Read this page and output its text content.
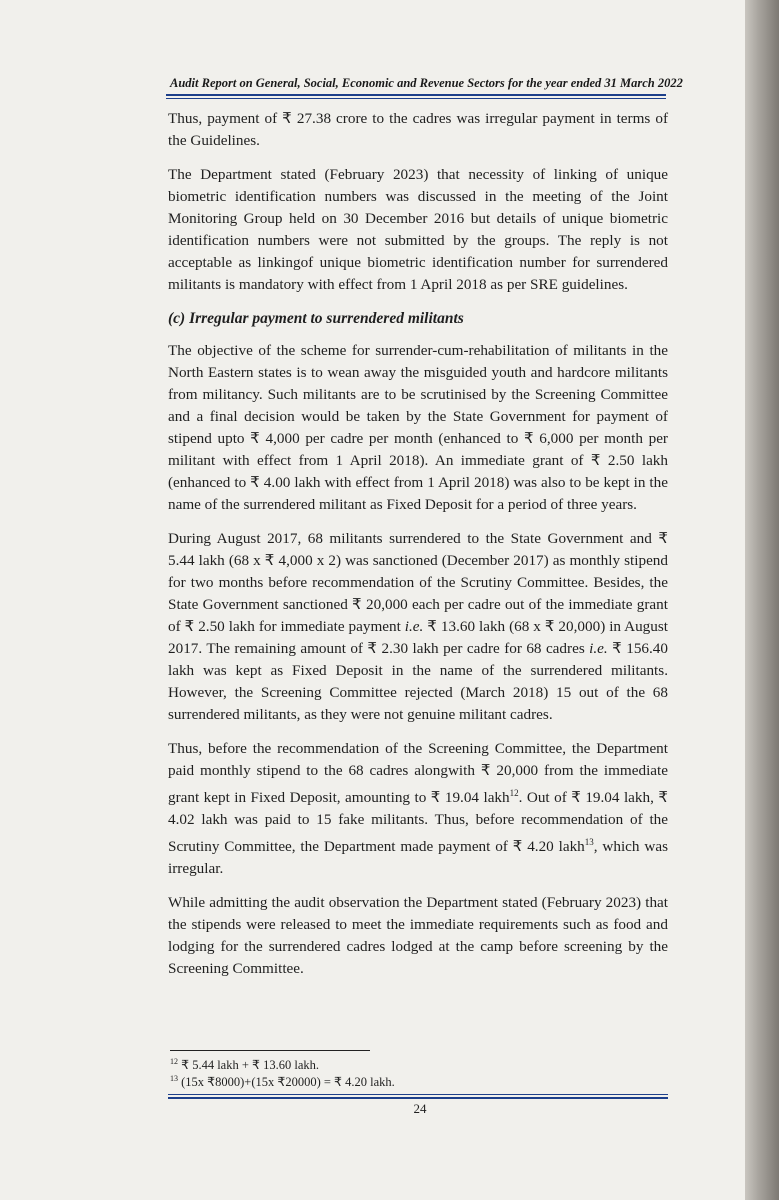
Audit Report on General, Social, Economic and Revenue Sectors for the year ended 31 March 2022

Thus, payment of ₹ 27.38 crore to the cadres was irregular payment in terms of the Guidelines.

The Department stated (February 2023) that necessity of linking of unique biometric identification numbers was discussed in the meeting of the Joint Monitoring Group held on 30 December 2016 but details of unique biometric identification numbers were not submitted by the groups. The reply is not acceptable as linkingof unique biometric identification number for surrendered militants is mandatory with effect from 1 April 2018 as per SRE guidelines.

(c) Irregular payment to surrendered militants

The objective of the scheme for surrender-cum-rehabilitation of militants in the North Eastern states is to wean away the misguided youth and hardcore militants from militancy. Such militants are to be scrutinised by the Screening Committee and a final decision would be taken by the State Government for payment of stipend upto ₹ 4,000 per cadre per month (enhanced to ₹ 6,000 per month per militant with effect from 1 April 2018). An immediate grant of ₹ 2.50 lakh (enhanced to ₹ 4.00 lakh with effect from 1 April 2018) was also to be kept in the name of the surrendered militant as Fixed Deposit for a period of three years.

During August 2017, 68 militants surrendered to the State Government and ₹ 5.44 lakh (68 x ₹ 4,000 x 2) was sanctioned (December 2017) as monthly stipend for two months before recommendation of the Scrutiny Committee. Besides, the State Government sanctioned ₹ 20,000 each per cadre out of the immediate grant of ₹ 2.50 lakh for immediate payment i.e. ₹ 13.60 lakh (68 x ₹ 20,000) in August 2017. The remaining amount of ₹ 2.30 lakh per cadre for 68 cadres i.e. ₹ 156.40 lakh was kept as Fixed Deposit in the name of the surrendered militants. However, the Screening Committee rejected (March 2018) 15 out of the 68 surrendered militants, as they were not genuine militant cadres.

Thus, before the recommendation of the Screening Committee, the Department paid monthly stipend to the 68 cadres alongwith ₹ 20,000 from the immediate grant kept in Fixed Deposit, amounting to ₹ 19.04 lakh$^{12}$. Out of ₹ 19.04 lakh, ₹ 4.02 lakh was paid to 15 fake militants. Thus, before recommendation of the Scrutiny Committee, the Department made payment of ₹ 4.20 lakh$^{13}$, which was irregular.

While admitting the audit observation the Department stated (February 2023) that the stipends were released to meet the immediate requirements such as food and lodging for the surrendered cadres lodged at the camp before screening by the Screening Committee.

$^{12}$ ₹ 5.44 lakh + ₹ 13.60 lakh.
$^{13}$ (15x ₹8000)+(15x ₹20000) = ₹ 4.20 lakh.
24
